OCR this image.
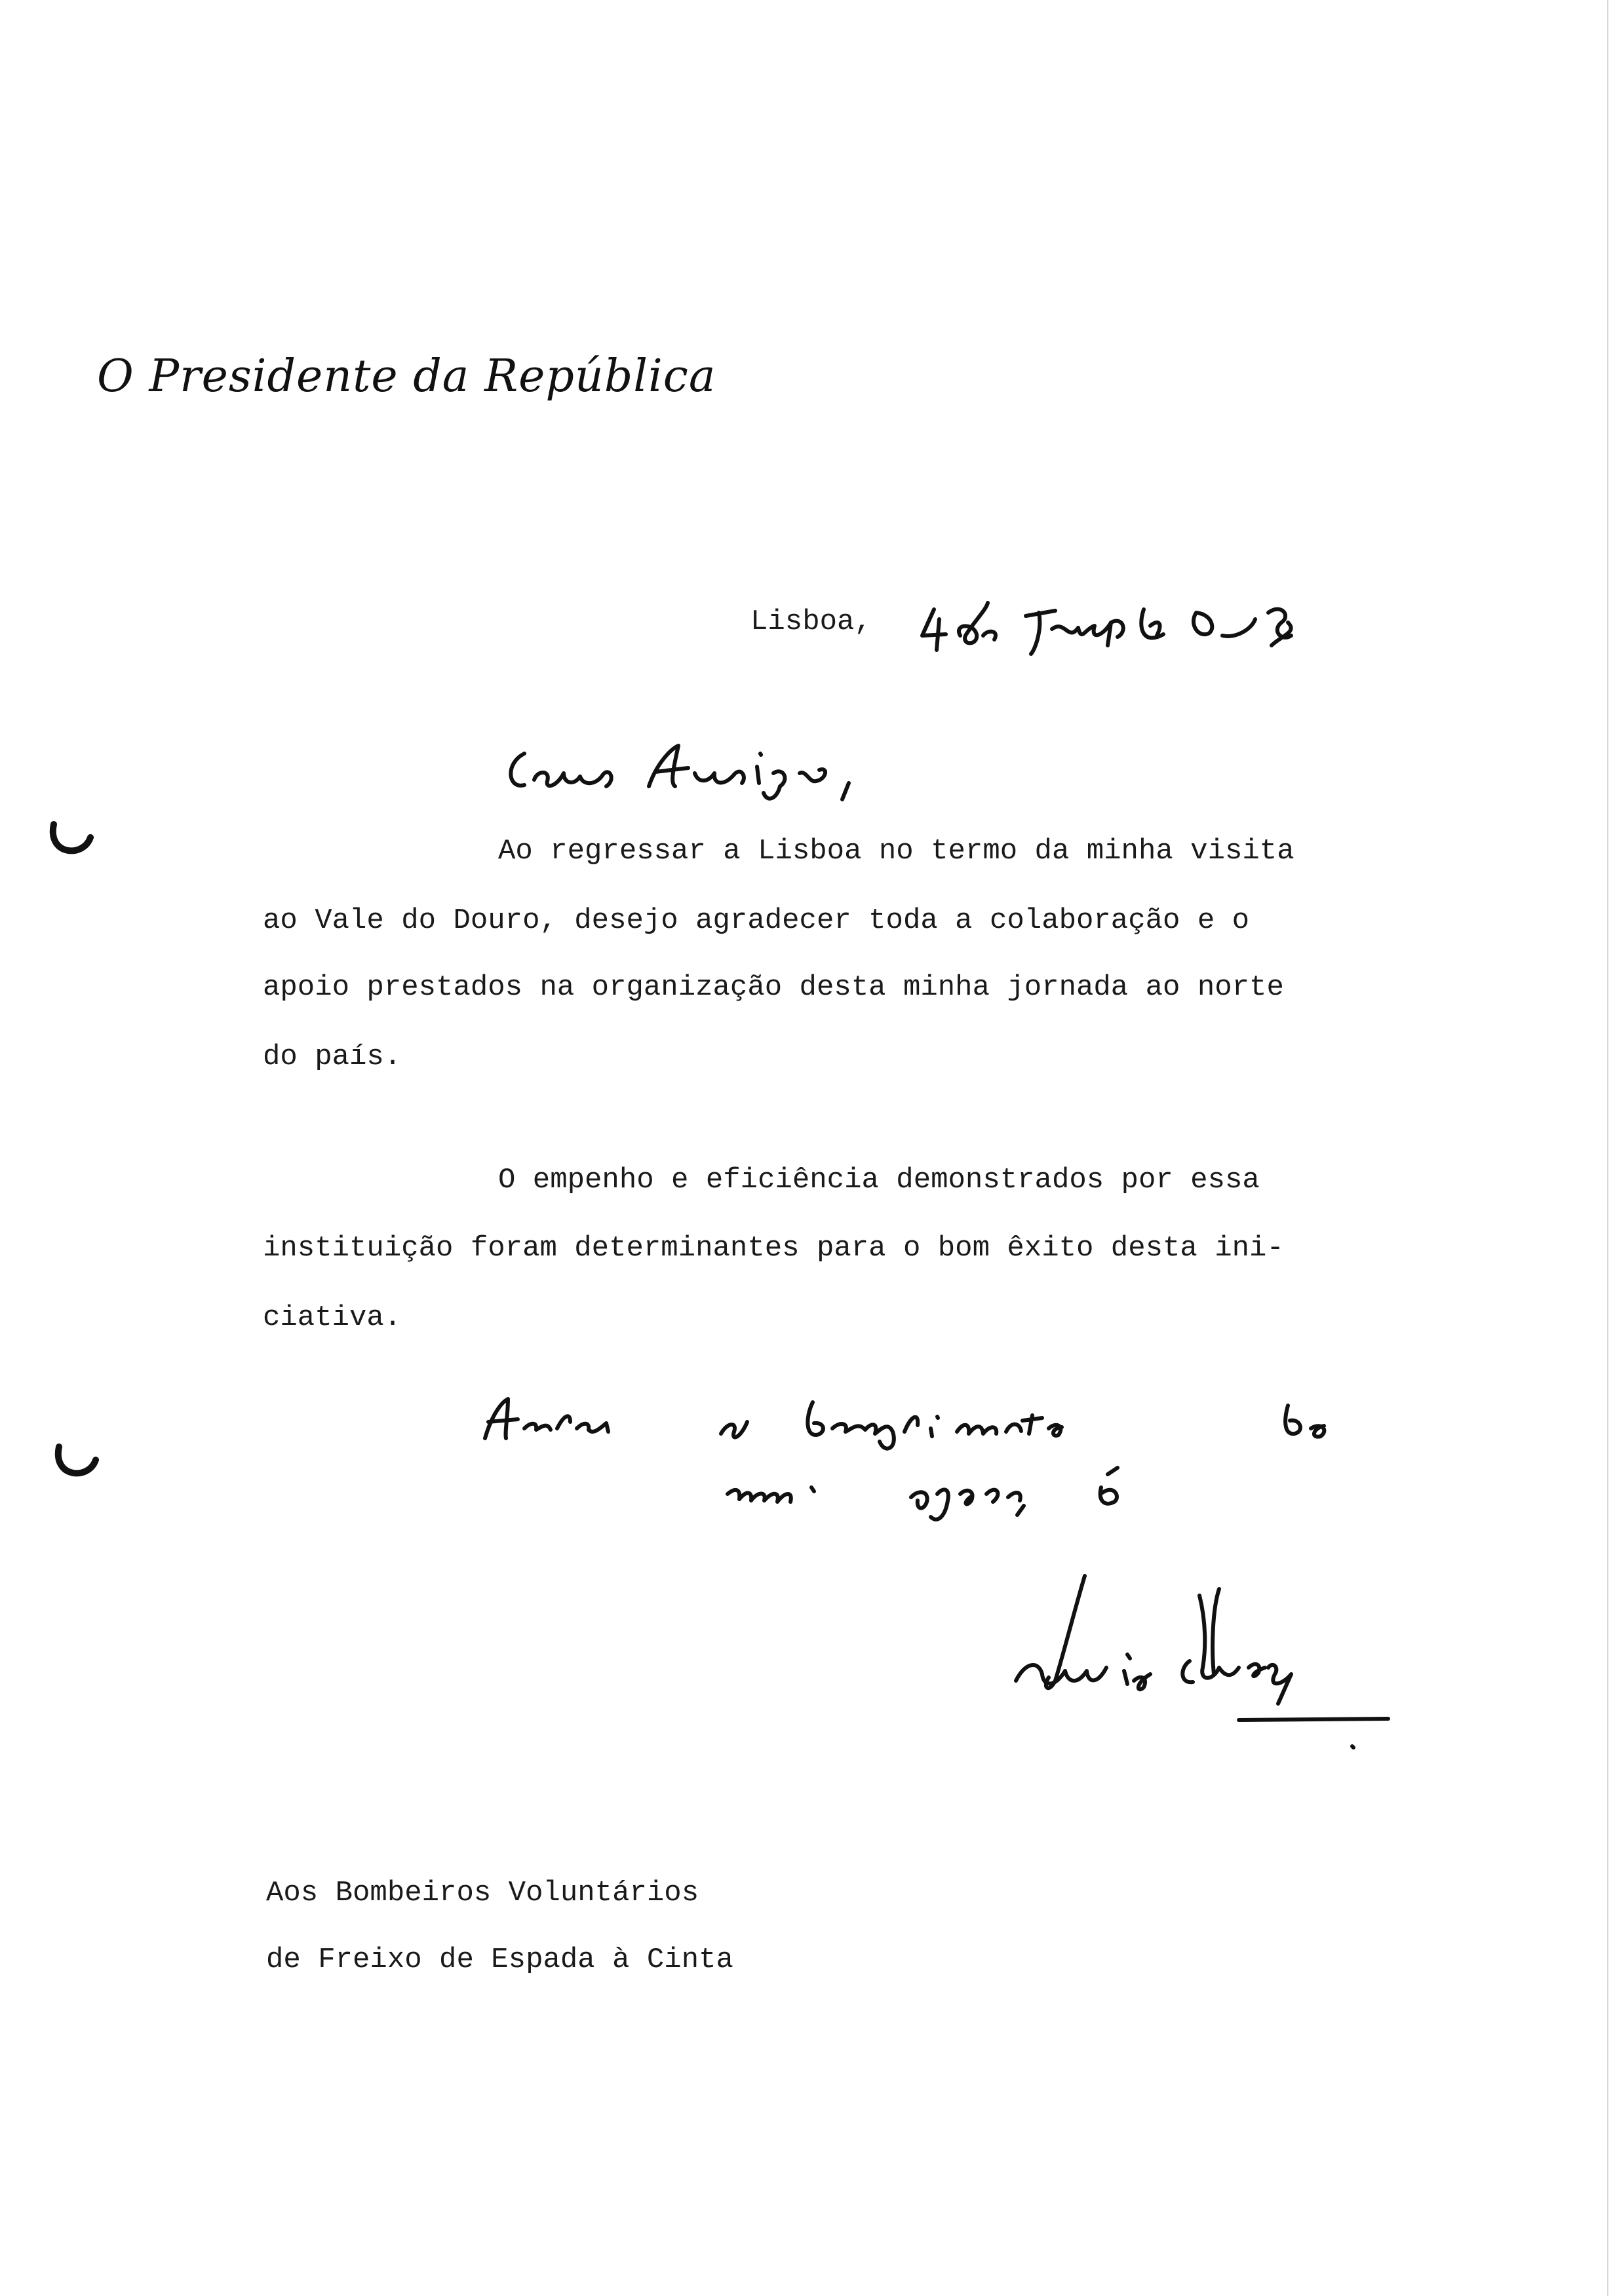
O Presidente da República
Lisboa,
Ao regressar a Lisboa no termo da minha visita
ao Vale do Douro, desejo agradecer toda a colaboração e o
apoio prestados na organização desta minha jornada ao norte
do país.
O empenho e eficiência demonstrados por essa
instituição foram determinantes para o bom êxito desta ini-
ciativa.
Aos Bombeiros Voluntários
de Freixo de Espada à Cinta
